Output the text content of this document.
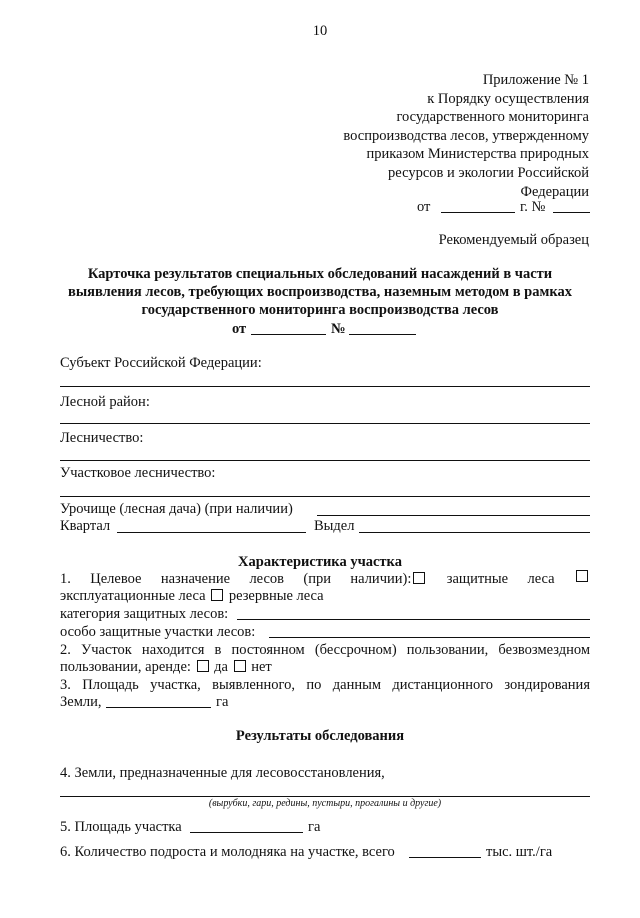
10
Приложение № 1
к Порядку осуществления
государственного мониторинга
воспроизводства лесов, утвержденному
приказом Министерства природных
ресурсов и экологии Российской
Федерации
от	г. №
Рекомендуемый образец
Карточка результатов специальных обследований насаждений в части
выявления лесов, требующих воспроизводства, наземным методом в рамках
государственного мониторинга воспроизводства лесов
от	№
Субъект Российской Федерации:
Лесной район:
Лесничество:
Участковое лесничество:
Урочище (лесная дача) (при наличии)
Квартал	Выдел
Характеристика участка
1. Целевое назначение лесов (при наличии):	защитные леса
эксплуатационные леса резервные леса
категория защитных лесов:
особо защитные участки лесов:
2. Участок находится в постоянном (бессрочном) пользовании, безвозмездном
пользовании, аренде: да нет
3. Площадь участка, выявленного, по данным дистанционного зондирования
Земли,	га
Результаты обследования
4. Земли, предназначенные для лесовосстановления,
(вырубки, гари, редины, пустыри, прогалины и другие)
5. Площадь участка	га
6. Количество подроста и молодняка на участке, всего	тыс. шт./га
